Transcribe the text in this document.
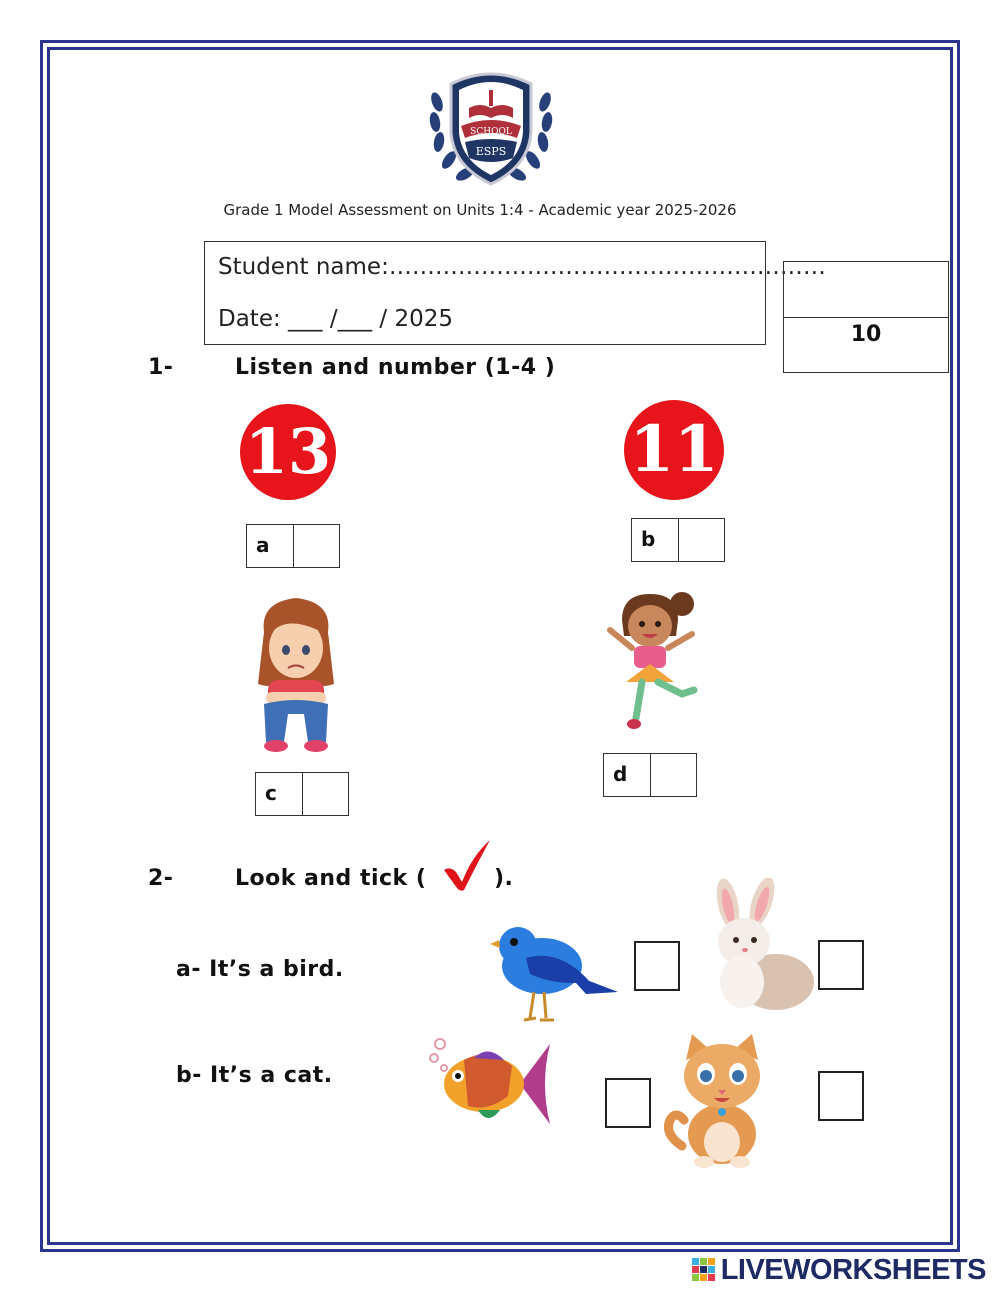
SCHOOL
ESPS
Grade 1 Model Assessment on Units 1:4 - Academic year 2025-2026
Student name:…………………………………………………
Date: ___ /___ / 2025
10
1-	Listen and number (1-4 )
13	11
a	b
c
d
2-	Look and tick (	).
a- It’s a bird.
b- It’s a cat.
LIVEWORKSHEETS
